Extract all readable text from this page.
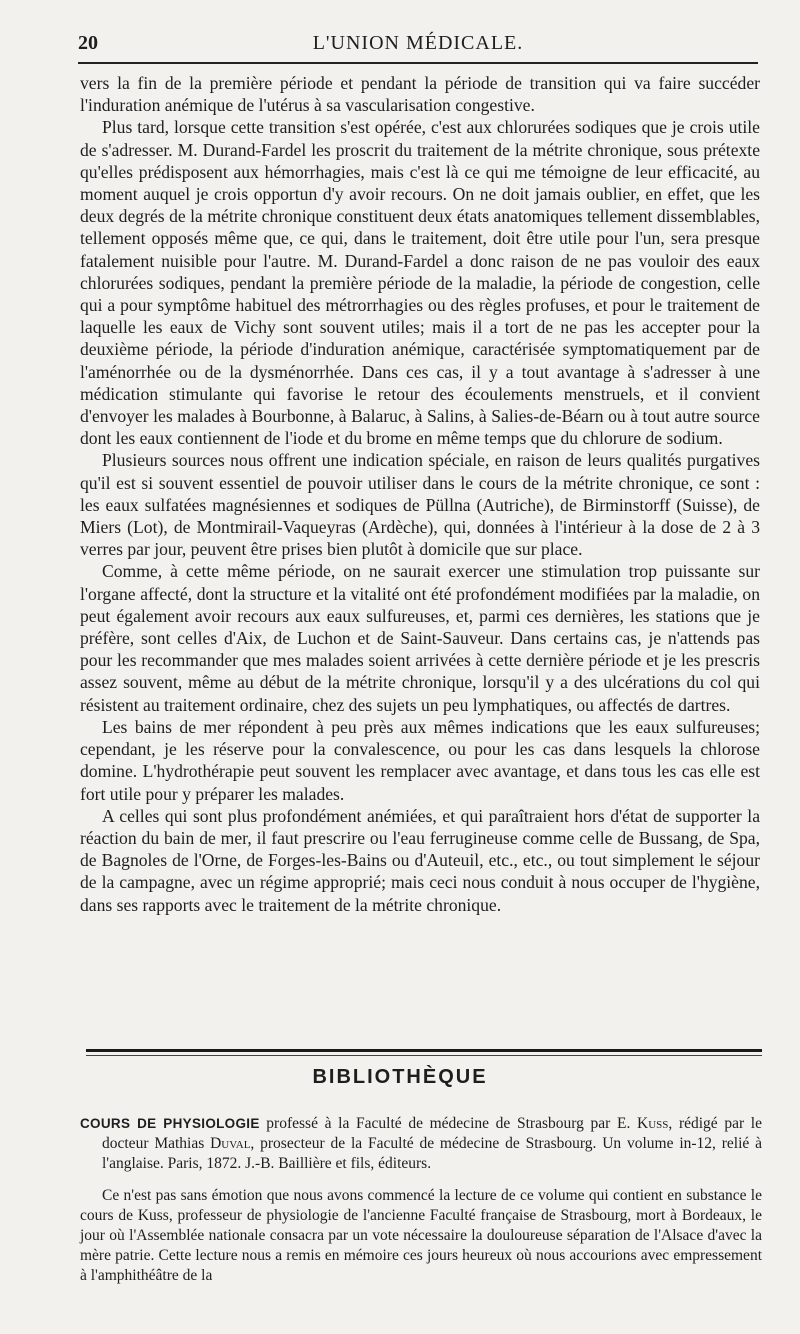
20	L'UNION MÉDICALE.

vers la fin de la première période et pendant la période de transition qui va faire succéder l'induration anémique de l'utérus à sa vascularisation congestive.

Plus tard, lorsque cette transition s'est opérée, c'est aux chlorurées sodiques que je crois utile de s'adresser. M. Durand-Fardel les proscrit du traitement de la métrite chronique, sous prétexte qu'elles prédisposent aux hémorrhagies, mais c'est là ce qui me témoigne de leur efficacité, au moment auquel je crois opportun d'y avoir recours. On ne doit jamais oublier, en effet, que les deux degrés de la métrite chronique constituent deux états anatomiques tellement dissemblables, tellement opposés même que, ce qui, dans le traitement, doit être utile pour l'un, sera presque fatalement nuisible pour l'autre. M. Durand-Fardel a donc raison de ne pas vouloir des eaux chlorurées sodiques, pendant la première période de la maladie, la période de congestion, celle qui a pour symptôme habituel des métrorrhagies ou des règles profuses, et pour le traitement de laquelle les eaux de Vichy sont souvent utiles; mais il a tort de ne pas les accepter pour la deuxième période, la période d'induration anémique, caractérisée symptomatiquement par de l'aménorrhée ou de la dysménorrhée. Dans ces cas, il y a tout avantage à s'adresser à une médication stimulante qui favorise le retour des écoulements menstruels, et il convient d'envoyer les malades à Bourbonne, à Balaruc, à Salins, à Salies-de-Béarn ou à tout autre source dont les eaux contiennent de l'iode et du brome en même temps que du chlorure de sodium.

Plusieurs sources nous offrent une indication spéciale, en raison de leurs qualités purgatives qu'il est si souvent essentiel de pouvoir utiliser dans le cours de la métrite chronique, ce sont : les eaux sulfatées magnésiennes et sodiques de Püllna (Autriche), de Birminstorff (Suisse), de Miers (Lot), de Montmirail-Vaqueyras (Ardèche), qui, données à l'intérieur à la dose de 2 à 3 verres par jour, peuvent être prises bien plutôt à domicile que sur place.

Comme, à cette même période, on ne saurait exercer une stimulation trop puissante sur l'organe affecté, dont la structure et la vitalité ont été profondément modifiées par la maladie, on peut également avoir recours aux eaux sulfureuses, et, parmi ces dernières, les stations que je préfère, sont celles d'Aix, de Luchon et de Saint-Sauveur. Dans certains cas, je n'attends pas pour les recommander que mes malades soient arrivées à cette dernière période et je les prescris assez souvent, même au début de la métrite chronique, lorsqu'il y a des ulcérations du col qui résistent au traitement ordinaire, chez des sujets un peu lymphatiques, ou affectés de dartres.

Les bains de mer répondent à peu près aux mêmes indications que les eaux sulfureuses; cependant, je les réserve pour la convalescence, ou pour les cas dans lesquels la chlorose domine. L'hydrothérapie peut souvent les remplacer avec avantage, et dans tous les cas elle est fort utile pour y préparer les malades.

A celles qui sont plus profondément anémiées, et qui paraîtraient hors d'état de supporter la réaction du bain de mer, il faut prescrire ou l'eau ferrugineuse comme celle de Bussang, de Spa, de Bagnoles de l'Orne, de Forges-les-Bains ou d'Auteuil, etc., etc., ou tout simplement le séjour de la campagne, avec un régime approprié; mais ceci nous conduit à nous occuper de l'hygiène, dans ses rapports avec le traitement de la métrite chronique.

BIBLIOTHÈQUE

COURS DE PHYSIOLOGIE professé à la Faculté de médecine de Strasbourg par E. Kuss, rédigé par le docteur Mathias Duval, prosecteur de la Faculté de médecine de Strasbourg. Un volume in-12, relié à l'anglaise. Paris, 1872. J.-B. Baillière et fils, éditeurs.

Ce n'est pas sans émotion que nous avons commencé la lecture de ce volume qui contient en substance le cours de Kuss, professeur de physiologie de l'ancienne Faculté française de Strasbourg, mort à Bordeaux, le jour où l'Assemblée nationale consacra par un vote nécessaire la douloureuse séparation de l'Alsace d'avec la mère patrie. Cette lecture nous a remis en mémoire ces jours heureux où nous accourions avec empressement à l'amphithéâtre de la
